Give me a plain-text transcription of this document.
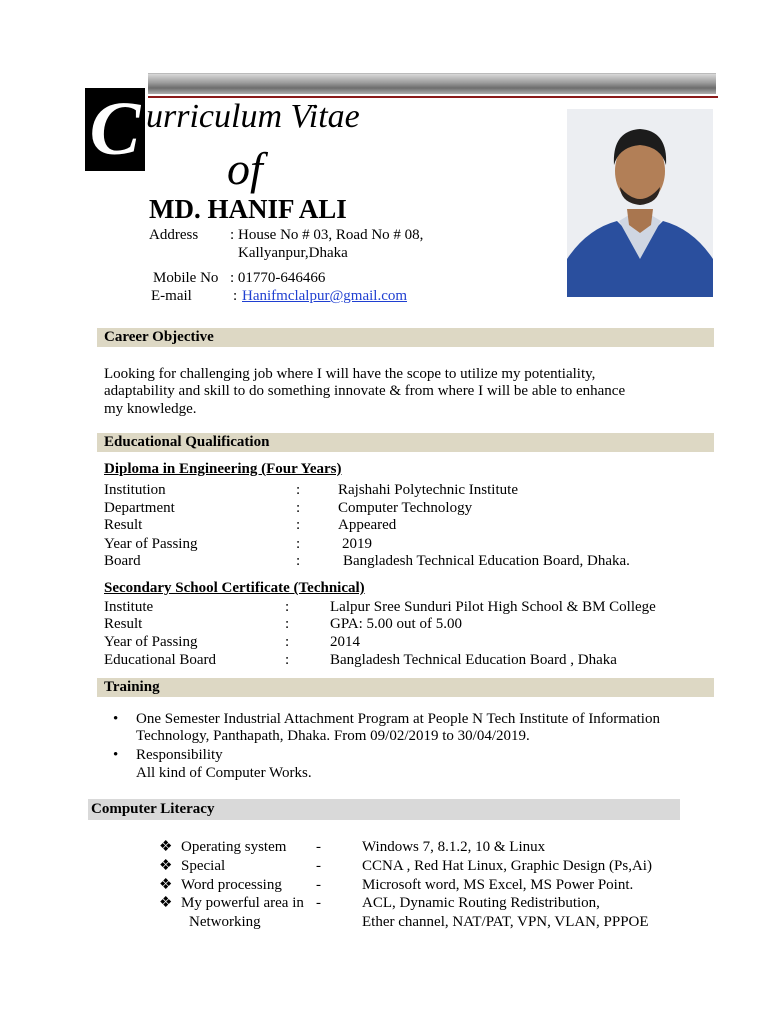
C urriculum Vitae
of
MD. HANIF ALI
Address : House No # 03, Road No # 08,
Kallyanpur,Dhaka
Mobile No : 01770-646466
E-mail	: Hanifmclalpur@gmail.com
Career Objective
Looking for challenging job where I will have the scope to utilize my potentiality,
adaptability and skill to do something innovate & from where I will be able to enhance
my knowledge.
Educational Qualification
Diploma in Engineering (Four Years)
Institution	:	Rajshahi Polytechnic Institute
Department	:	Computer Technology
Result	:	Appeared
Year of Passing	:	2019
Board	:	Bangladesh Technical Education Board, Dhaka.
Secondary School Certificate (Technical)
Institute	:	Lalpur Sree Sunduri Pilot High School & BM College
Result	:	GPA: 5.00 out of 5.00
Year of Passing	:	2014
Educational Board	:	Bangladesh Technical Education Board , Dhaka
Training
• One Semester Industrial Attachment Program at People N Tech Institute of Information
Technology, Panthapath, Dhaka. From 09/02/2019 to 30/04/2019.
• Responsibility
All kind of Computer Works.
Computer Literacy
❖ Operating system -	Windows 7, 8.1.2, 10 & Linux
❖ Special	-	CCNA , Red Hat Linux, Graphic Design (Ps,Ai)
❖ Word processing -	Microsoft word, MS Excel, MS Power Point.
❖ My powerful area in -	ACL, Dynamic Routing Redistribution,
Networking	Ether channel, NAT/PAT, VPN, VLAN, PPPOE
